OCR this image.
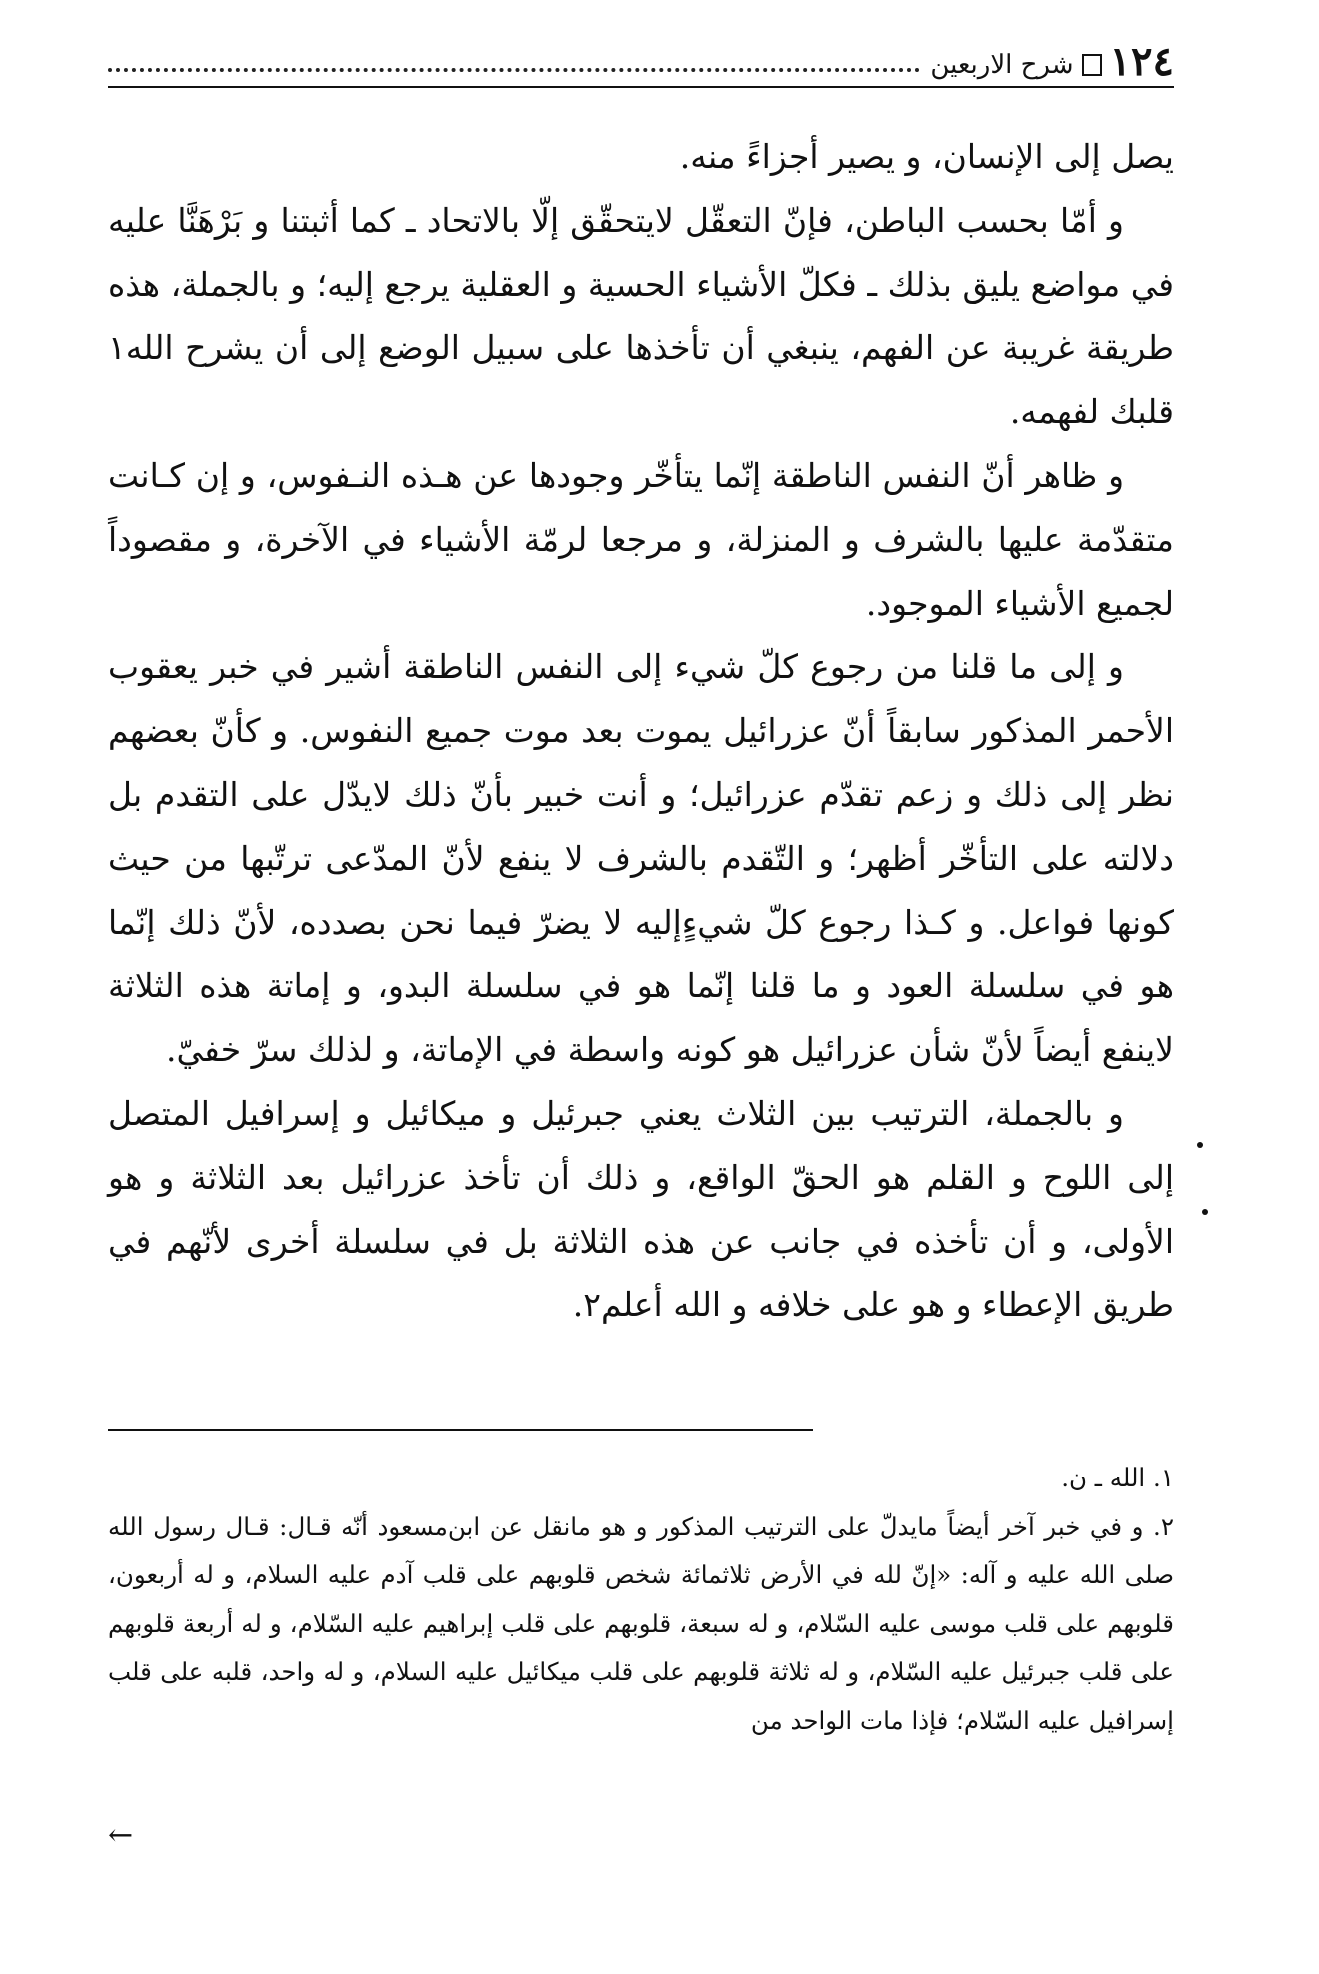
١٢٤
شرح الاربعين

يصل إلى الإنسان، و يصير أجزاءً منه.

و أمّا بحسب الباطن، فإنّ التعقّل لايتحقّق إلّا بالاتحاد ـ كما أثبتنا و بَرْهَنَّا عليه في مواضع يليق بذلك ـ فكلّ الأشياء الحسية و العقلية يرجع إليه؛ و بالجملة، هذه طريقة غريبة عن الفهم، ينبغي أن تأخذها على سبيل الوضع إلى أن يشرح الله١ قلبك لفهمه.

و ظاهر أنّ النفس الناطقة إنّما يتأخّر وجودها عن هـذه النـفوس، و إن كـانت متقدّمة عليها بالشرف و المنزلة، و مرجعا لرمّة الأشياء في الآخرة، و مقصوداً لجميع الأشياء الموجود.

و إلى ما قلنا من رجوع كلّ شيء إلى النفس الناطقة أشير في خبر يعقوب الأحمر المذكور سابقاً أنّ عزرائيل يموت بعد موت جميع النفوس. و كأنّ بعضهم نظر إلى ذلك و زعم تقدّم عزرائيل؛ و أنت خبير بأنّ ذلك لايدّل على التقدم بل دلالته على التأخّر أظهر؛ و التّقدم بالشرف لا ينفع لأنّ المدّعى ترتّبها من حيث كونها فواعل. و كـذا رجوع كلّ شيءٍإليه لا يضرّ فيما نحن بصدده، لأنّ ذلك إنّما هو في سلسلة العود و ما قلنا إنّما هو في سلسلة البدو، و إماتة هذه الثلاثة لاينفع أيضاً لأنّ شأن عزرائيل هو كونه واسطة في الإماتة، و لذلك سرّ خفيّ.

و بالجملة، الترتيب بين الثلاث يعني جبرئيل و ميكائيل و إسرافيل المتصل إلى اللوح و القلم هو الحقّ الواقع، و ذلك أن تأخذ عزرائيل بعد الثلاثة و هو الأولى، و أن تأخذه في جانب عن هذه الثلاثة بل في سلسلة أخرى لأنّهم في طريق الإعطاء و هو على خلافه و الله أعلم٢.

١. الله ـ ن.

٢. و في خبر آخر أيضاً مايدلّ على الترتيب المذكور و هو مانقل عن ابن‌مسعود أنّه قـال: قـال رسول الله صلى الله عليه و آله: «إنّ لله في الأرض ثلاثمائة شخص قلوبهم على قلب آدم عليه السلام، و له أربعون، قلوبهم على قلب موسى عليه السّلام، و له سبعة، قلوبهم على قلب إبراهيم عليه السّلام، و له أربعة قلوبهم على قلب جبرئيل عليه السّلام، و له ثلاثة قلوبهم على قلب ميكائيل عليه السلام، و له واحد، قلبه على قلب إسرافيل عليه السّلام؛ فإذا مات الواحد من

←
